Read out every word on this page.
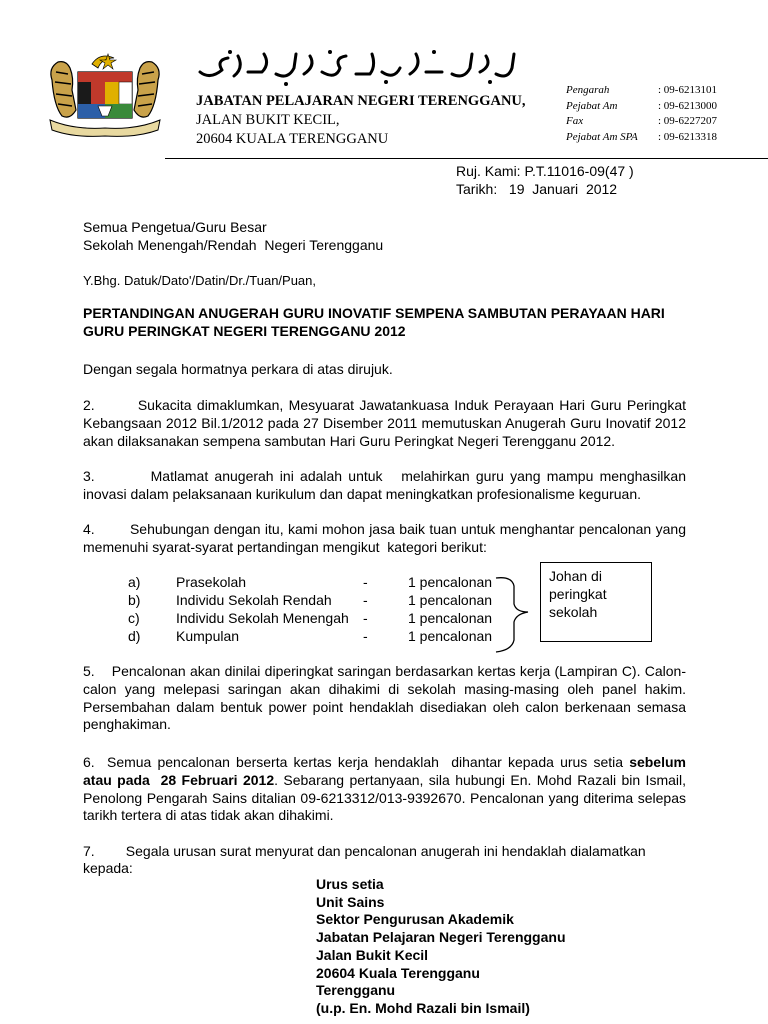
JABATAN PELAJARAN NEGERI TERENGGANU,
JALAN BUKIT KECIL,
20604 KUALA TERENGGANU
Pengarah	: 09-6213101
Pejabat Am	: 09-6213000
Fax	: 09-6227207
Pejabat Am SPA : 09-6213318
Ruj. Kami: P.T.11016-09(47 )
Tarikh:   19  Januari  2012
Semua Pengetua/Guru Besar
Sekolah Menengah/Rendah  Negeri Terengganu
Y.Bhg. Datuk/Dato'/Datin/Dr./Tuan/Puan,
PERTANDINGAN ANUGERAH GURU INOVATIF SEMPENA SAMBUTAN PERAYAAN HARI GURU PERINGKAT NEGERI TERENGGANU 2012
Dengan segala hormatnya perkara di atas dirujuk.
2.        Sukacita dimaklumkan, Mesyuarat Jawatankuasa Induk Perayaan Hari Guru Peringkat Kebangsaan 2012 Bil.1/2012 pada 27 Disember 2011 memutuskan Anugerah Guru Inovatif 2012 akan dilaksanakan sempena sambutan Hari Guru Peringkat Negeri Terengganu 2012.
3.         Matlamat anugerah ini adalah untuk   melahirkan guru yang mampu menghasilkan inovasi dalam pelaksanaan kurikulum dan dapat meningkatkan profesionalisme keguruan.
4.        Sehubungan dengan itu, kami mohon jasa baik tuan untuk menghantar pencalonan yang memenuhi syarat-syarat pertandingan mengikut  kategori berikut:
a)	Prasekolah	-	1 pencalonan
b)	Individu Sekolah Rendah -	1 pencalonan
c)	Individu Sekolah Menengah -	1 pencalonan
d)	Kumpulan	-	1 pencalonan
Johan di
peringkat
sekolah
5.    Pencalonan akan dinilai diperingkat saringan berdasarkan kertas kerja (Lampiran C). Calon-calon yang melepasi saringan akan dihakimi di sekolah masing-masing oleh panel hakim. Persembahan dalam bentuk power point hendaklah disediakan oleh calon berkenaan semasa penghakiman.
6.  Semua pencalonan berserta kertas kerja hendaklah  dihantar kepada urus setia sebelum atau pada  28 Februari 2012. Sebarang pertanyaan, sila hubungi En. Mohd Razali bin Ismail, Penolong Pengarah Sains ditalian 09-6213312/013-9392670. Pencalonan yang diterima selepas tarikh tertera di atas tidak akan dihakimi.
7.        Segala urusan surat menyurat dan pencalonan anugerah ini hendaklah dialamatkan kepada:
Urus setia
Unit Sains
Sektor Pengurusan Akademik
Jabatan Pelajaran Negeri Terengganu
Jalan Bukit Kecil
20604 Kuala Terengganu
Terengganu
(u.p. En. Mohd Razali bin Ismail)
